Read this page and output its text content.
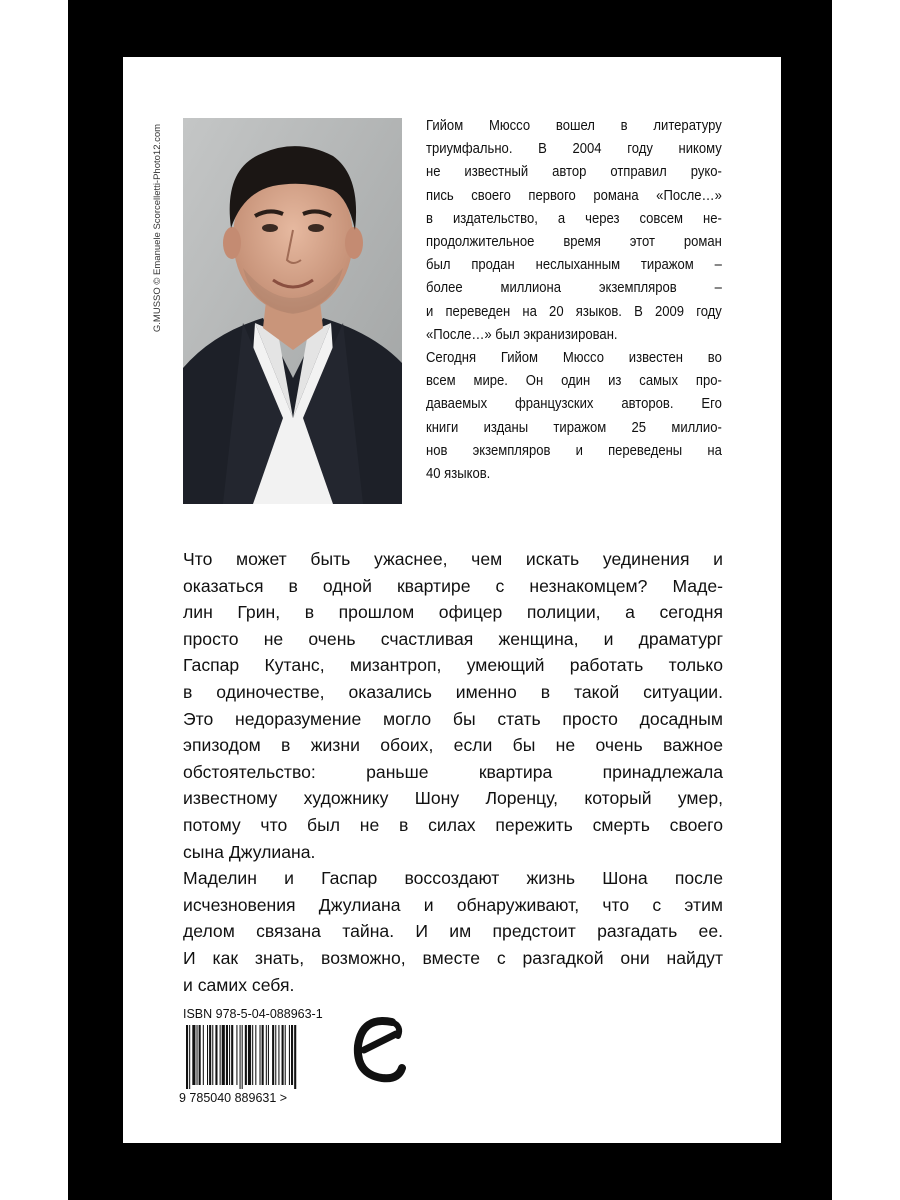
G.MUSSO © Emanuele Scorcelletti-Photo12.com	Гийом Мюссо вошел в литературу
триумфально. В 2004 году никому
не известный автор отправил руко-
пись своего первого романа «После…»
в издательство, а через совсем не-
продолжительное время этот роман
был продан неслыханным тиражом –
более миллиона экземпляров –
и переведен на 20 языков. В 2009 году
«После…» был экранизирован.
Сегодня Гийом Мюссо известен во
всем мире. Он один из самых про-
даваемых французских авторов. Его
книги изданы тиражом 25 миллио-
нов экземпляров и переведены на
40 языков.
Что может быть ужаснее, чем искать уединения и
оказаться в одной квартире с незнакомцем? Маде-
лин Грин, в прошлом офицер полиции, а сегодня
просто не очень счастливая женщина, и драматург
Гаспар Кутанс, мизантроп, умеющий работать только
в одиночестве, оказались именно в такой ситуации.
Это недоразумение могло бы стать просто досадным
эпизодом в жизни обоих, если бы не очень важное
обстоятельство: раньше квартира принадлежала
известному художнику Шону Лоренцу, который умер,
потому что был не в силах пережить смерть своего
сына Джулиана.
Маделин и Гаспар воссоздают жизнь Шона после
исчезновения Джулиана и обнаруживают, что с этим
делом связана тайна. И им предстоит разгадать ее.
И как знать, возможно, вместе с разгадкой они найдут
и самих себя.
ISBN 978-5-04-088963-1
9 785040 889631 >
